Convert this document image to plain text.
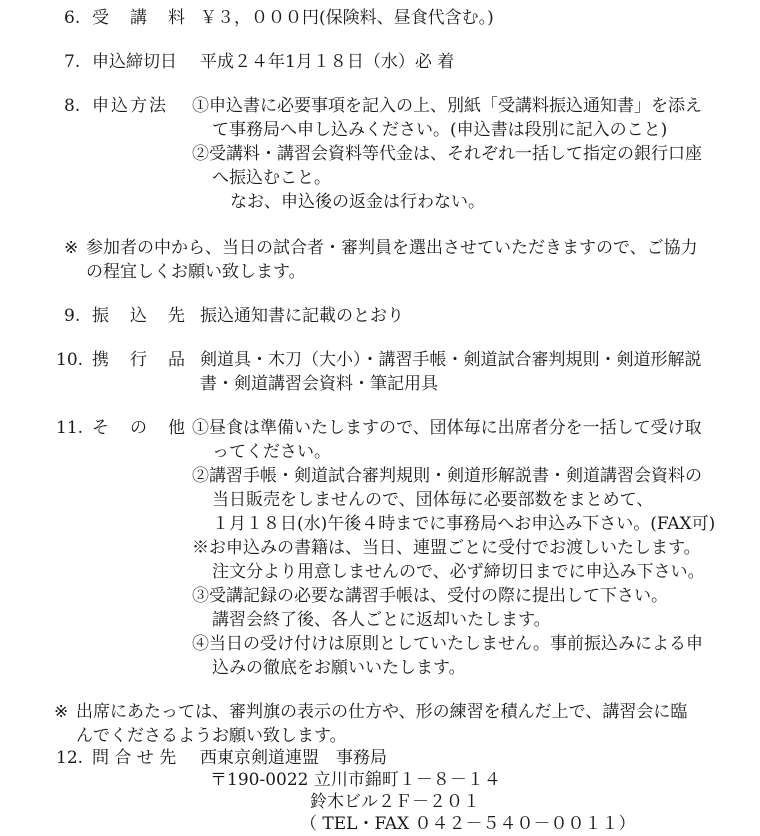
6. 受　講　料 ￥３，０００円(保険料、昼食代含む。)
7. 申込締切日 平成２４年1月１８日（水）必 着
8. 申込方法 ①申込書に必要事項を記入の上、別紙「受講料振込通知書」を添え
て事務局へ申し込みください。(申込書は段別に記入のこと)
②受講料・講習会資料等代金は、それぞれ一括して指定の銀行口座
へ振込むこと。
なお、申込後の返金は行わない。
※ 参加者の中から、当日の試合者・審判員を選出させていただきますので、ご協力
の程宜しくお願い致します。
9. 振　込　先 振込通知書に記載のとおり
10. 携　行　品 剣道具・木刀（大小）・講習手帳・剣道試合審判規則・剣道形解説
書・剣道講習会資料・筆記用具
11. そ　の　他 ①昼食は準備いたしますので、団体毎に出席者分を一括して受け取
ってください。
②講習手帳・剣道試合審判規則・剣道形解説書・剣道講習会資料の
当日販売をしませんので、団体毎に必要部数をまとめて、
１月１８日(水)午後４時までに事務局へお申込み下さい。(FAX可)
※お申込みの書籍は、当日、連盟ごとに受付でお渡しいたします。
注文分より用意しませんので、必ず締切日までに申込み下さい。
③受講記録の必要な講習手帳は、受付の際に提出して下さい。
講習会終了後、各人ごとに返却いたします。
④当日の受け付けは原則としていたしません。事前振込みによる申
込みの徹底をお願いいたします。
※ 出席にあたっては、審判旗の表示の仕方や、形の練習を積んだ上で、講習会に臨
んでくださるようお願い致します。
12. 問 合 せ 先 西東京剣道連盟　事務局
〒190-0022 立川市錦町１－８－１４
鈴木ビル２Ｆ－２０１
（ TEL・FAX ０４２－５４０－００１１）
